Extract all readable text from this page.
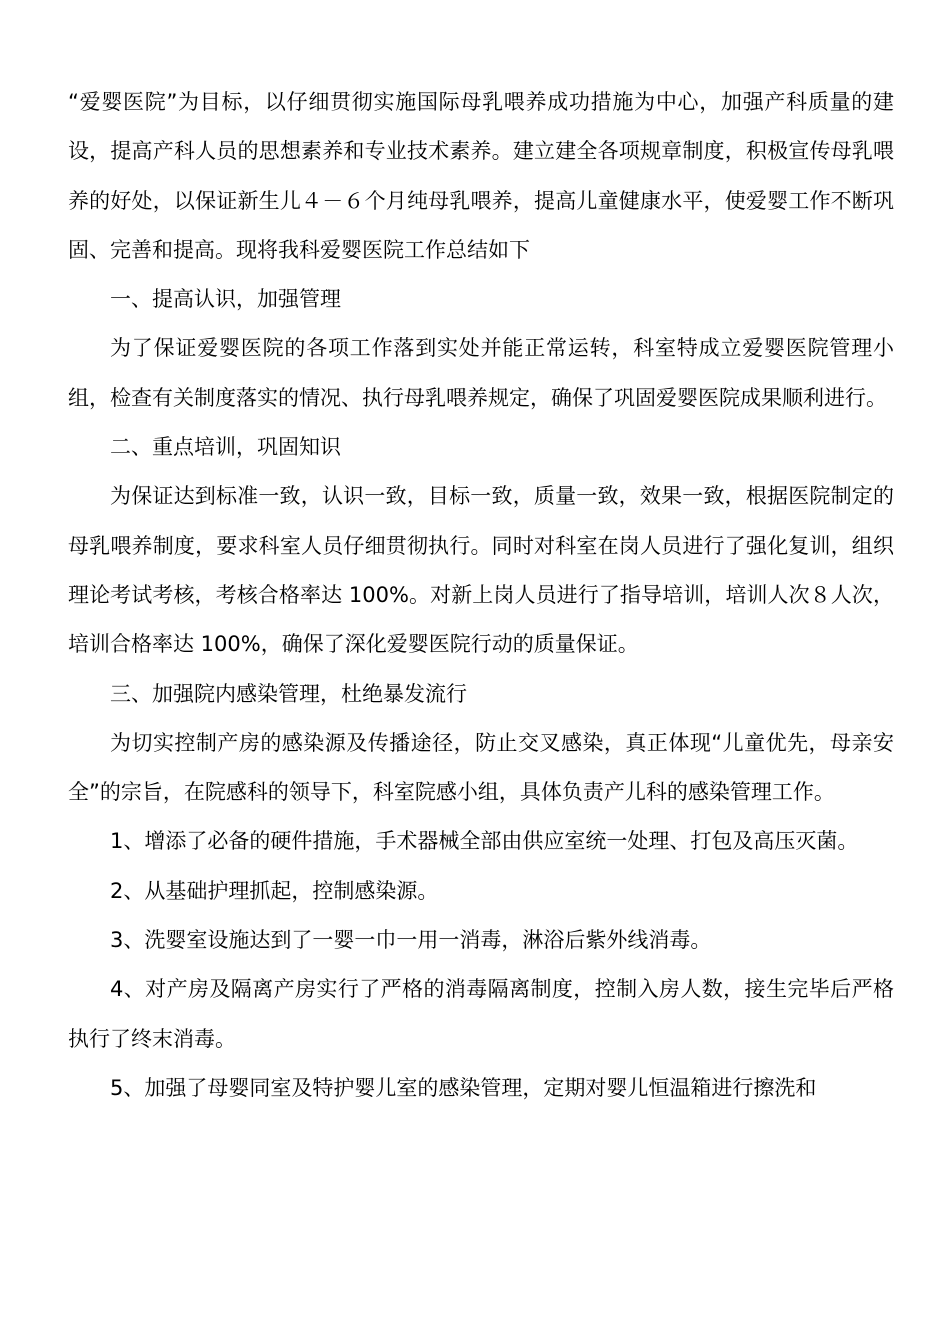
“爱婴医院”为目标，以仔细贯彻实施国际母乳喂养成功措施为中心，加强产科质量的建设，提高产科人员的思想素养和专业技术素养。建立建全各项规章制度，积极宣传母乳喂养的好处，以保证新生儿４－６个月纯母乳喂养，提高儿童健康水平，使爱婴工作不断巩固、完善和提高。现将我科爱婴医院工作总结如下

一、提高认识，加强管理

为了保证爱婴医院的各项工作落到实处并能正常运转，科室特成立爱婴医院管理小组，检查有关制度落实的情况、执行母乳喂养规定，确保了巩固爱婴医院成果顺利进行。

二、重点培训，巩固知识

为保证达到标准一致，认识一致，目标一致，质量一致，效果一致，根据医院制定的母乳喂养制度，要求科室人员仔细贯彻执行。同时对科室在岗人员进行了强化复训，组织理论考试考核，考核合格率达 100%。对新上岗人员进行了指导培训，培训人次８人次，培训合格率达 100%，确保了深化爱婴医院行动的质量保证。

三、加强院内感染管理，杜绝暴发流行

为切实控制产房的感染源及传播途径，防止交叉感染，真正体现“儿童优先，母亲安全”的宗旨，在院感科的领导下，科室院感小组，具体负责产儿科的感染管理工作。

1、增添了必备的硬件措施，手术器械全部由供应室统一处理、打包及高压灭菌。

2、从基础护理抓起，控制感染源。

3、洗婴室设施达到了一婴一巾一用一消毒，淋浴后紫外线消毒。

4、对产房及隔离产房实行了严格的消毒隔离制度，控制入房人数，接生完毕后严格执行了终末消毒。

5、加强了母婴同室及特护婴儿室的感染管理，定期对婴儿恒温箱进行擦洗和
